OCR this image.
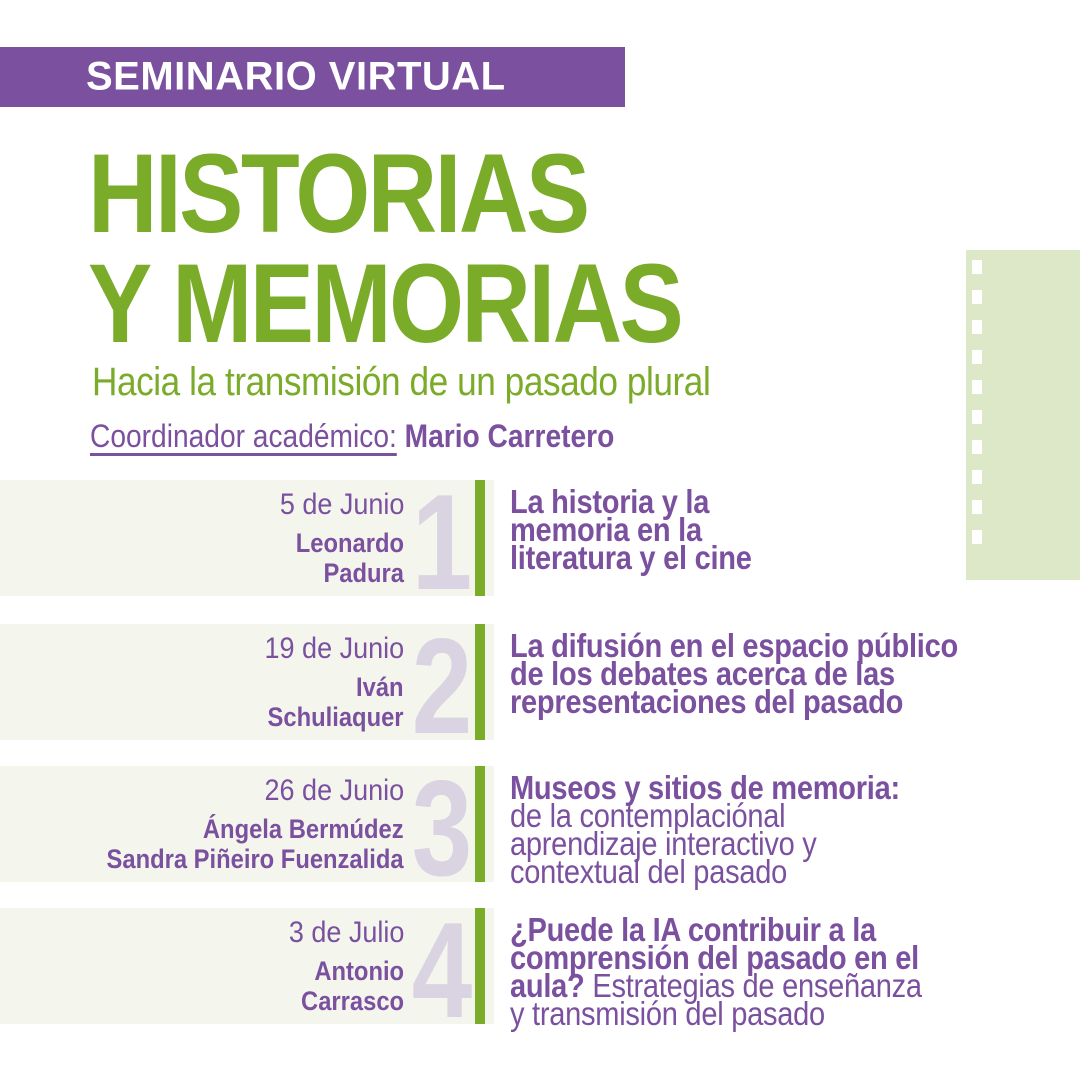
SEMINARIO VIRTUAL
HISTORIAS
Y MEMORIAS
Hacia la transmisión de un pasado plural
Coordinador académico: Mario Carretero
5 de Junio
Leonardo
Padura 1 La historia y la
memoria en la
literatura y el cine
19 de Junio
Iván
Schuliaquer 2 La difusión en el espacio público
de los debates acerca de las
representaciones del pasado
26 de Junio
Ángela Bermúdez
Sandra Piñeiro Fuenzalida 3 Museos y sitios de memoria:
de la contemplaciónal
aprendizaje interactivo y
contextual del pasado
3 de Julio
Antonio
Carrasco 4 ¿Puede la IA contribuir a la
comprensión del pasado en el
aula? Estrategias de enseñanza
y transmisión del pasado
